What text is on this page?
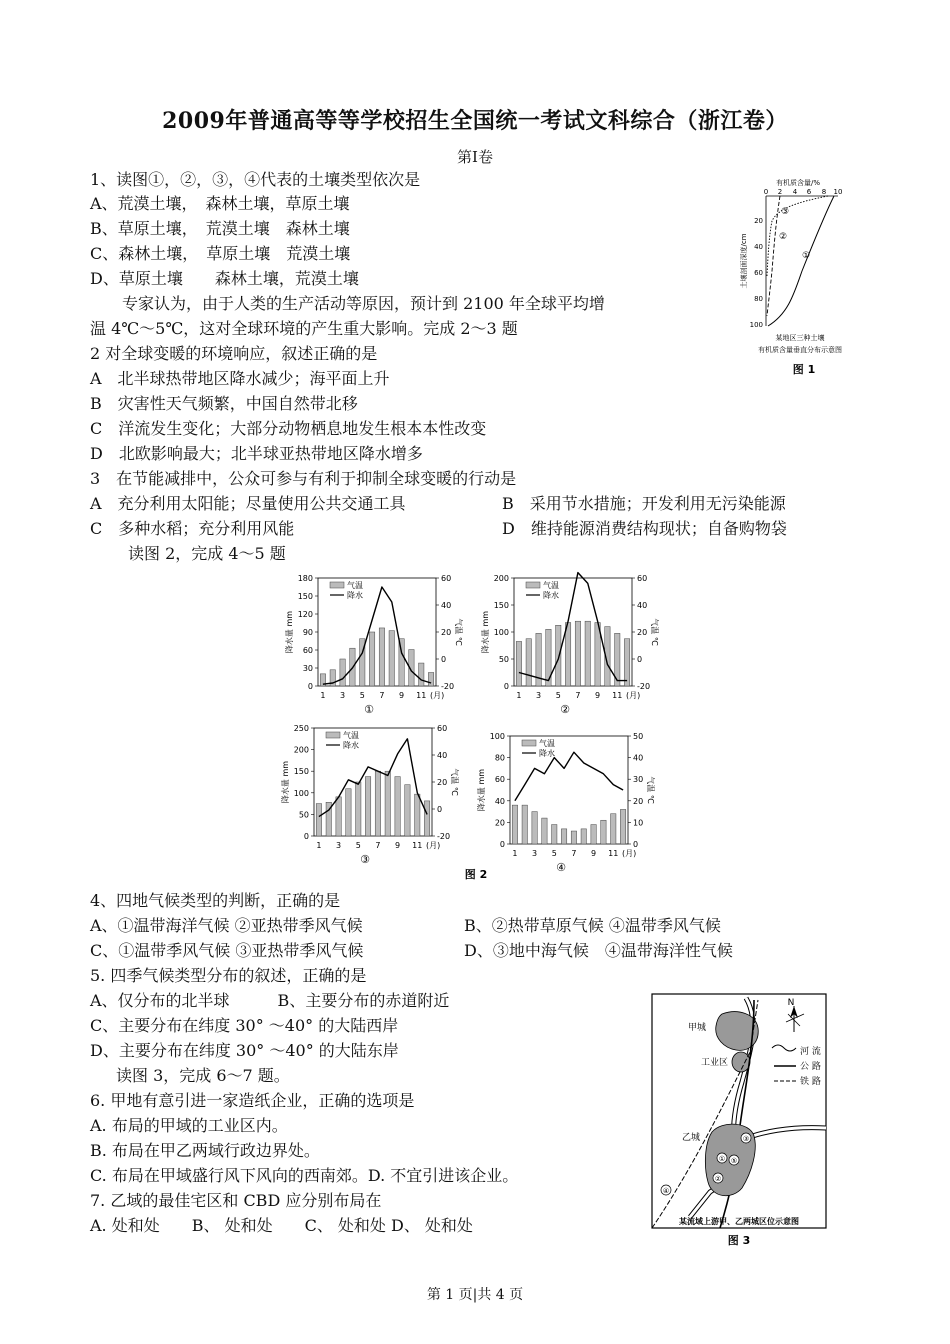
2009年普通高等等学校招生全国统一考试文科综合（浙江卷）
第Ⅰ卷
1、读图①，②，③，④代表的土壤类型依次是
A、荒漠土壤，　森林土壤，草原土壤
B、草原土壤，　荒漠土壤　森林土壤
C、森林土壤，　草原土壤　荒漠土壤
D、草原土壤　　森林土壤，荒漠土壤
　专家认为，由于人类的生产活动等原因，预计到 2100 年全球平均增
温 4℃～5℃，这对全球环境的产生重大影响。完成 2～3 题
2 对全球变暖的环境响应，叙述正确的是
A　北半球热带地区降水减少；海平面上升
B　灾害性天气频繁，中国自然带北移
C　洋流发生变化；大部分动物栖息地发生根本本性改变
D　北欧影响最大；北半球亚热带地区降水增多
3　在节能减排中，公众可参与有利于抑制全球变暖的行动是
A　充分利用太阳能；尽量使用公共交通工具	B　采用节水措施；开发利用无污染能源
C　多种水稻；充分利用风能	D　维持能源消费结构现状；自备购物袋
读图 2，完成 4～5 题
4、四地气候类型的判断，正确的是
A、①温带海洋气候 ②亚热带季风气候	B、②热带草原气候 ④温带季风气候
C、①温带季风气候 ③亚热带季风气候	D、③地中海气候　④温带海洋性气候
5. 四季气候类型分布的叙述，正确的是
A、仅分布的北半球　　　B、主要分布的赤道附近
C、主要分布在纬度 30° ～40° 的大陆西岸
D、主要分布在纬度 30° ～40° 的大陆东岸
读图 3，完成 6～7 题。
6. 甲地有意引进一家造纸企业，正确的选项是
A. 布局的甲域的工业区内。
B. 布局在甲乙两域行政边界处。
C. 布局在甲域盛行风下风向的西南郊。D. 不宜引进该企业。
7. 乙域的最佳宅区和 CBD 应分别布局在
A. 处和处　　B、 处和处　　C、 处和处 D、 处和处
有机质含量/%
0 2 4 6 8 10
20
40
60
80
100
土壤剖面深度/cm	①
②
③
某地区三种土壤
有机质含量垂直分布示意图
图 1
0
30
60
90
120
150
180
-20
0
20
40
60
降水量 mm	气温 ℃
1 3 5 7 9 11 (月)
气温
降水
①
0
50
100
150
200
-20
0
20
40
60
降水量 mm	气温 ℃
1 3 5 7 9 11 (月)
气温
降水
②
0
50
100
150
200
250
-20
0
20
40
60
降水量 mm	气温 ℃
1 3 5 7 9 11 (月)
气温
降水
③
0
20
40
60
80
100
0
10
20
30
40
50
降水量 mm	气温 ℃
1 3 5 7 9 11 (月)
气温
降水
④
图 2
N
甲城
工业区
乙城
①
②
③
④
⑤
河 流
公 路
铁 路
某流域上游甲、乙两城区位示意图
图 3
第 1 页|共 4 页
